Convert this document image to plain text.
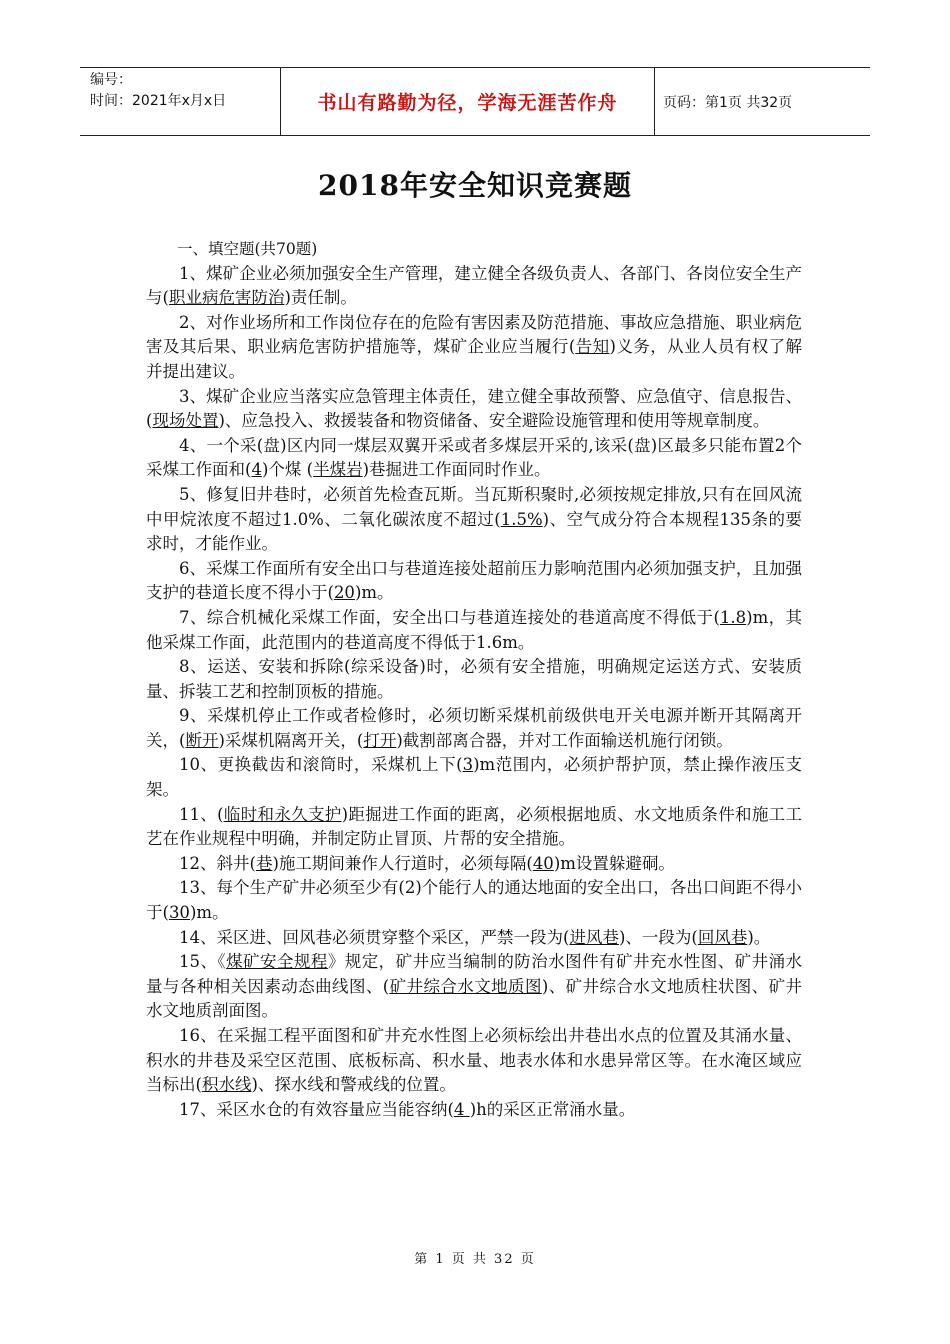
编号：
时间：2021年x月x日	书山有路勤为径，学海无涯苦作舟	页码：第1页 共32页
2018年安全知识竞赛题

一、填空题(共70题)

1、煤矿企业必须加强安全生产管理，建立健全各级负责人、各部门、各岗位安全生产与(职业病危害防治)责任制。

2、对作业场所和工作岗位存在的危险有害因素及防范措施、事故应急措施、职业病危害及其后果、职业病危害防护措施等，煤矿企业应当履行(告知)义务，从业人员有权了解并提出建议。

3、煤矿企业应当落实应急管理主体责任，建立健全事故预警、应急值守、信息报告、(现场处置)、应急投入、救援装备和物资储备、安全避险设施管理和使用等规章制度。

4、一个采(盘)区内同一煤层双翼开采或者多煤层开采的,该采(盘)区最多只能布置2个采煤工作面和(4)个煤 (半煤岩)巷掘进工作面同时作业。

5、修复旧井巷时，必须首先检查瓦斯。当瓦斯积聚时,必须按规定排放,只有在回风流中甲烷浓度不超过1.0%、二氧化碳浓度不超过(1.5%)、空气成分符合本规程135条的要求时，才能作业。

6、采煤工作面所有安全出口与巷道连接处超前压力影响范围内必须加强支护，且加强支护的巷道长度不得小于(20)m。

7、综合机械化采煤工作面，安全出口与巷道连接处的巷道高度不得低于(1.8)m，其他采煤工作面，此范围内的巷道高度不得低于1.6m。

8、运送、安装和拆除(综采设备)时，必须有安全措施，明确规定运送方式、安装质量、拆装工艺和控制顶板的措施。

9、采煤机停止工作或者检修时，必须切断采煤机前级供电开关电源并断开其隔离开关，(断开)采煤机隔离开关，(打开)截割部离合器，并对工作面输送机施行闭锁。

10、更换截齿和滚筒时，采煤机上下(3)m范围内，必须护帮护顶，禁止操作液压支架。

11、(临时和永久支护)距掘进工作面的距离，必须根据地质、水文地质条件和施工工艺在作业规程中明确，并制定防止冒顶、片帮的安全措施。

12、斜井(巷)施工期间兼作人行道时，必须每隔(40)m设置躲避硐。

13、每个生产矿井必须至少有(2)个能行人的通达地面的安全出口，各出口间距不得小于(30)m。

14、采区进、回风巷必须贯穿整个采区，严禁一段为(进风巷)、一段为(回风巷)。

15、《煤矿安全规程》规定，矿井应当编制的防治水图件有矿井充水性图、矿井涌水量与各种相关因素动态曲线图、(矿井综合水文地质图)、矿井综合水文地质柱状图、矿井水文地质剖面图。

16、在采掘工程平面图和矿井充水性图上必须标绘出井巷出水点的位置及其涌水量、积水的井巷及采空区范围、底板标高、积水量、地表水体和水患异常区等。在水淹区域应当标出(积水线)、探水线和警戒线的位置。

17、采区水仓的有效容量应当能容纳(4 )h的采区正常涌水量。

第 1 页 共 32 页
